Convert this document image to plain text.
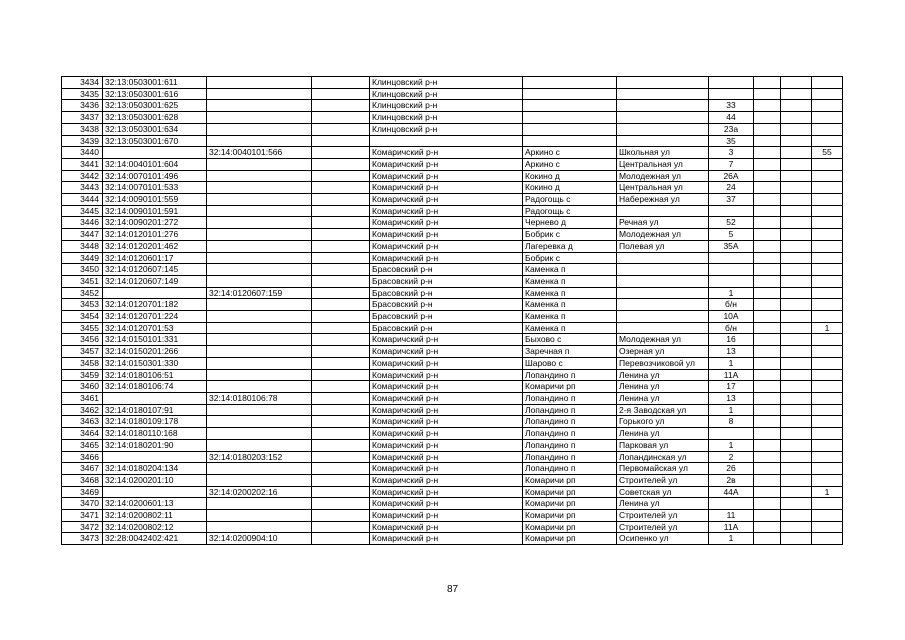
3434	32:13:0503001:611			Клинцовский р-н						
3435	32:13:0503001:616			Клинцовский р-н						
3436	32:13:0503001:625			Клинцовский р-н			33			
3437	32:13:0503001:628			Клинцовский р-н			44			
3438	32:13:0503001:634			Клинцовский р-н			23а			
3439	32:13:0503001:670						35			
3440		32:14:0040101:566		Комаричский р-н	Аркино с	Школьная ул	3			55
3441	32:14:0040101:604			Комаричский р-н	Аркино с	Центральная ул	7			
3442	32:14:0070101:496			Комаричский р-н	Кокино д	Молодежная ул	26А			
3443	32:14:0070101:533			Комаричский р-н	Кокино д	Центральная ул	24			
3444	32:14:0090101:559			Комаричский р-н	Радогощь с	Набережная ул	37			
3445	32:14:0090101:591			Комаричский р-н	Радогощь с					
3446	32:14:0090201:272			Комаричский р-н	Чернево д	Речная ул	52			
3447	32:14:0120101:276			Комаричский р-н	Бобрик с	Молодежная ул	5			
3448	32:14:0120201:462			Комаричский р-н	Лагеревка д	Полевая ул	35А			
3449	32:14:0120601:17			Комаричский р-н	Бобрик с					
3450	32:14:0120607:145			Брасовский р-н	Каменка п					
3451	32:14:0120607:149			Брасовский р-н	Каменка п					
3452		32:14:0120607:159		Брасовский р-н	Каменка п		1			
3453	32:14:0120701:182			Брасовский р-н	Каменка п		б/н			
3454	32:14:0120701:224			Брасовский р-н	Каменка п		10А			
3455	32:14:0120701:53			Брасовский р-н	Каменка п		б/н			1
3456	32:14:0150101:331			Комаричский р-н	Быхово с	Молодежная ул	16			
3457	32:14:0150201:266			Комаричский р-н	Заречная п	Озерная ул	13			
3458	32:14:0150301:330			Комаричский р-н	Шарово с	Перевозчиковой ул	1			
3459	32:14:0180106:51			Комаричский р-н	Лопандино п	Ленина ул	11А			
3460	32:14:0180106:74			Комаричский р-н	Комаричи рп	Ленина ул	17			
3461		32:14:0180106:78		Комаричский р-н	Лопандино п	Ленина ул	13			
3462	32:14:0180107:91			Комаричский р-н	Лопандино п	2-я Заводская ул	1			
3463	32:14:0180109:178			Комаричский р-н	Лопандино п	Горького ул	8			
3464	32:14:0180110:168			Комаричский р-н	Лопандино п	Ленина ул				
3465	32:14:0180201:90			Комаричский р-н	Лопандино п	Парковая ул	1			
3466		32:14:0180203:152		Комаричский р-н	Лопандино п	Лопандинская ул	2			
3467	32:14:0180204:134			Комаричский р-н	Лопандино п	Первомайская ул	26			
3468	32:14:0200201:10			Комаричский р-н	Комаричи рп	Строителей ул	2в			
3469		32:14:0200202:16		Комаричский р-н	Комаричи рп	Советская ул	44А			1
3470	32:14:0200601:13			Комаричский р-н	Комаричи рп	Ленина ул				
3471	32:14:0200802:11			Комаричский р-н	Комаричи рп	Строителей ул	11			
3472	32:14:0200802:12			Комаричский р-н	Комаричи рп	Строителей ул	11А			
3473	32:28:0042402:421	32:14:0200904:10		Комаричский р-н	Комаричи рп	Осипенко ул	1			
87
